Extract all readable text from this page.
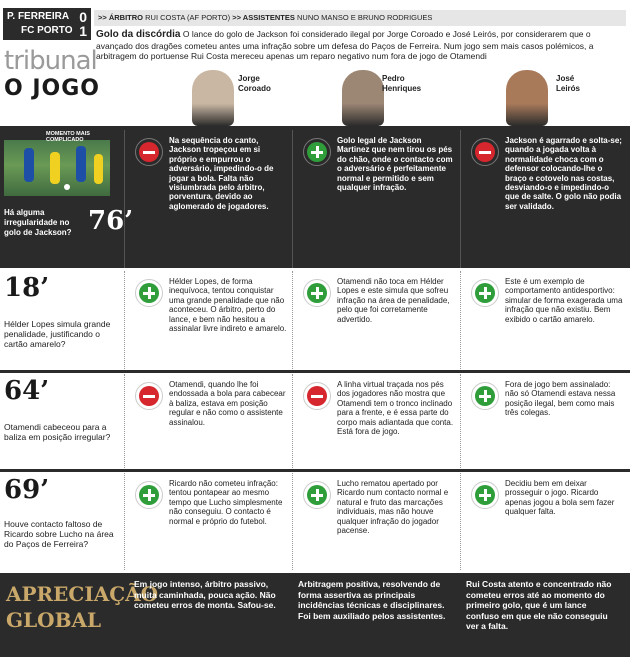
P. FERREIRA 0
FC PORTO 1
tribunal
O JOGO
>> ÁRBITRO RUI COSTA (AF PORTO) >> ASSISTENTES NUNO MANSO E BRUNO RODRIGUES
Golo da discórdia O lance do golo de Jackson foi considerado ilegal por Jorge Coroado e José Leirós, por considerarem que o avançado dos dragões cometeu antes uma infração sobre um defesa do Paços de Ferreira. Num jogo sem mais casos polémicos, a arbitragem do portuense Rui Costa mereceu apenas um reparo negativo num fora de jogo de Otamendi
Jorge
Coroado
Pedro
Henriques
José
Leirós
MOMENTO MAIS COMPLICADO
Há alguma irregularidade no golo de Jackson? 76’
Na sequência do canto, Jackson tropeçou em si próprio e empurrou o adversário, impedindo-o de jogar a bola. Falta não visiumbrada pelo árbitro, porventura, devido ao aglomerado de jogadores.
Golo legal de Jackson Martinez que nem tirou os pés do chão, onde o contacto com o adversário é perfeitamente normal e permitido e sem qualquer infração.
Jackson é agarrado e solta-se; quando a jogada volta à normalidade choca com o defensor colocando-lhe o braço e cotovelo nas costas, desviando-o e impedindo-o que de salte. O golo não podia ser validado.
18’
Hélder Lopes simula grande penalidade, justificando o cartão amarelo?
Hélder Lopes, de forma inequívoca, tentou conquistar uma grande penalidade que não aconteceu. O árbitro, perto do lance, e bem não hesitou a assinalar livre indireto e amarelo.
Otamendi não toca em Hélder Lopes e este simula que sofreu infração na área de penalidade, pelo que foi corretamente advertido.
Este é um exemplo de comportamento antidesportivo: simular de forma exagerada uma infração que não existiu. Bem exibido o cartão amarelo.
64’
Otamendi cabeceou para a baliza em posição irregular?
Otamendi, quando lhe foi endossada a bola para cabecear à baliza, estava em posição regular e não como o assistente assinalou.
A linha virtual traçada nos pés dos jogadores não mostra que Otamendi tem o tronco inclinado para a frente, e é essa parte do corpo mais adiantada que conta. Está fora de jogo.
Fora de jogo bem assinalado: não só Otamendi estava nessa posição ilegal, bem como mais três colegas.
69’
Houve contacto faltoso de Ricardo sobre Lucho na área do Paços de Ferreira?
Ricardo não cometeu infração: tentou pontapear ao mesmo tempo que Lucho simplesmente não conseguiu. O contacto é normal e próprio do futebol.
Lucho rematou apertado por Ricardo num contacto normal e natural e fruto das marcações individuais, mas não houve qualquer infração do jogador pacense.
Decidiu bem em deixar prosseguir o jogo. Ricardo apenas jogou a bola sem fazer qualquer falta.
APRECIAÇÃO
GLOBAL
Em jogo intenso, árbitro passivo, muita caminhada, pouca ação. Não cometeu erros de monta. Safou-se.
Arbitragem positiva, resolvendo de forma assertiva as principais incidências técnicas e disciplinares. Foi bem auxiliado pelos assistentes.
Rui Costa atento e concentrado não cometeu erros até ao momento do primeiro golo, que é um lance confuso em que ele não conseguiu ver a falta.
